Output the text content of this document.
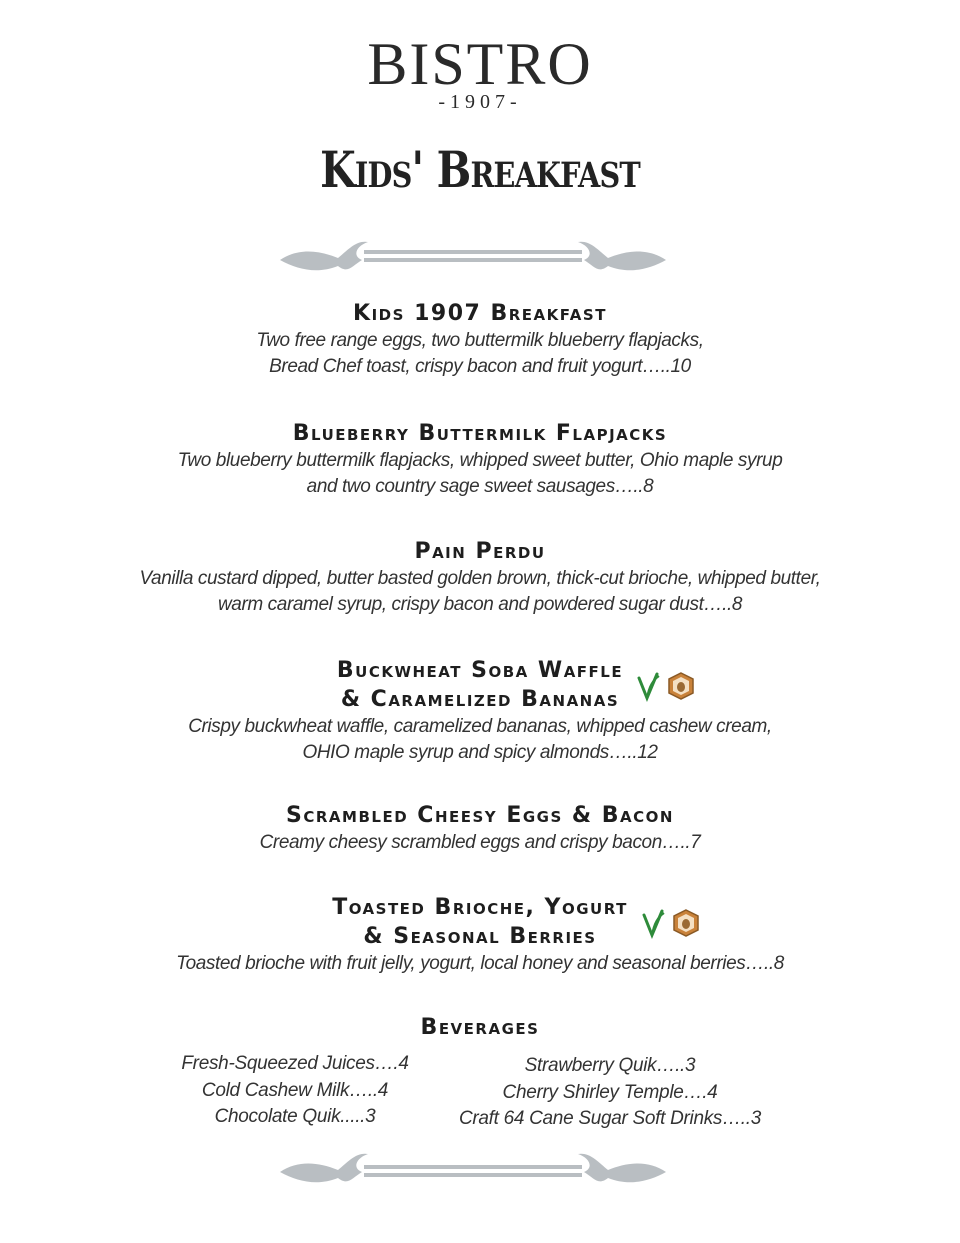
BISTRO
-1907-
Kids' Breakfast
Kids 1907 Breakfast
Two free range eggs, two buttermilk blueberry flapjacks,
Bread Chef toast, crispy bacon and fruit yogurt…..10
Blueberry Buttermilk Flapjacks
Two blueberry buttermilk flapjacks, whipped sweet butter, Ohio maple syrup
and two country sage sweet sausages…..8
Pain Perdu
Vanilla custard dipped, butter basted golden brown, thick-cut brioche, whipped butter,
warm caramel syrup, crispy bacon and powdered sugar dust…..8
Buckwheat Soba Waffle
& Caramelized Bananas
Crispy buckwheat waffle, caramelized bananas, whipped cashew cream,
OHIO maple syrup and spicy almonds…..12
Scrambled Cheesy Eggs & Bacon
Creamy cheesy scrambled eggs and crispy bacon…..7
Toasted Brioche, Yogurt
& Seasonal Berries
Toasted brioche with fruit jelly, yogurt, local honey and seasonal berries…..8
Beverages
Fresh-Squeezed Juices….4
Cold Cashew Milk…..4
Chocolate Quik.....3
Strawberry Quik…..3
Cherry Shirley Temple….4
Craft 64 Cane Sugar Soft Drinks…..3
